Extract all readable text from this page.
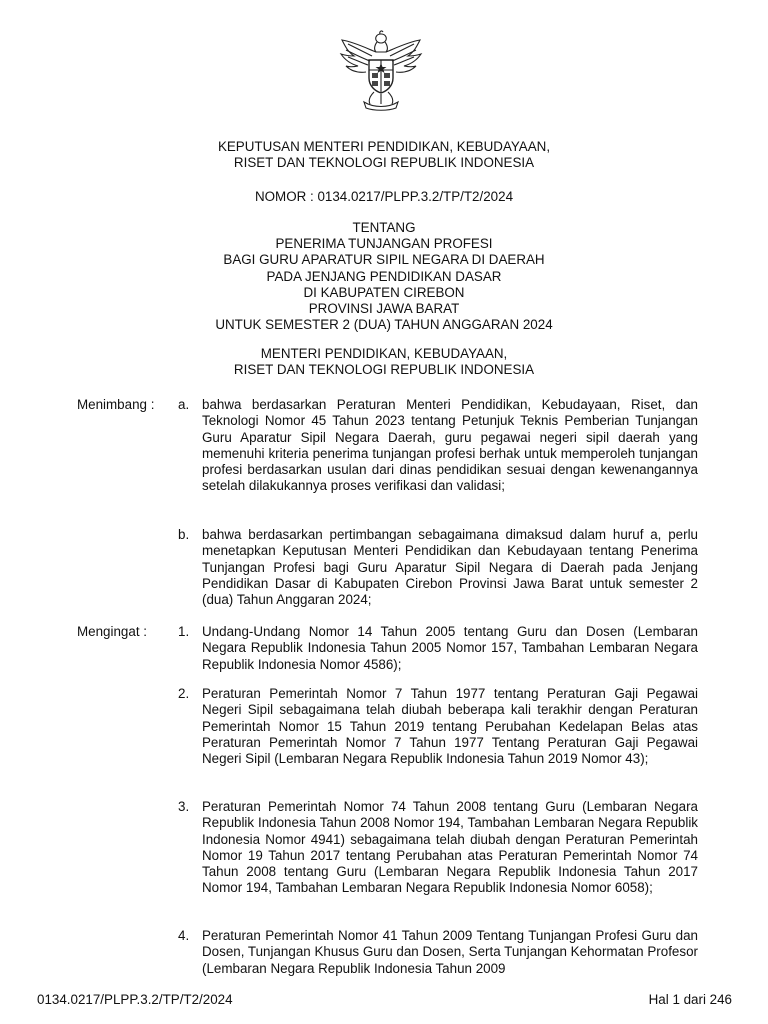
KEPUTUSAN MENTERI PENDIDIKAN, KEBUDAYAAN,
RISET DAN TEKNOLOGI REPUBLIK INDONESIA
NOMOR : 0134.0217/PLPP.3.2/TP/T2/2024
TENTANG
PENERIMA TUNJANGAN PROFESI
BAGI GURU APARATUR SIPIL NEGARA DI DAERAH
PADA JENJANG PENDIDIKAN DASAR
DI KABUPATEN CIREBON
PROVINSI JAWA BARAT
UNTUK SEMESTER 2 (DUA) TAHUN ANGGARAN 2024
MENTERI PENDIDIKAN, KEBUDAYAAN,
RISET DAN TEKNOLOGI REPUBLIK INDONESIA
Menimbang : a. bahwa berdasarkan Peraturan Menteri Pendidikan, Kebudayaan, Riset, dan Teknologi Nomor 45 Tahun 2023 tentang Petunjuk Teknis Pemberian Tunjangan Guru Aparatur Sipil Negara Daerah, guru pegawai negeri sipil daerah yang memenuhi kriteria penerima tunjangan profesi berhak untuk memperoleh tunjangan profesi berdasarkan usulan dari dinas pendidikan sesuai dengan kewenangannya setelah dilakukannya proses verifikasi dan validasi;
b. bahwa berdasarkan pertimbangan sebagaimana dimaksud dalam huruf a, perlu menetapkan Keputusan Menteri Pendidikan dan Kebudayaan tentang Penerima Tunjangan Profesi bagi Guru Aparatur Sipil Negara di Daerah pada Jenjang Pendidikan Dasar di Kabupaten Cirebon Provinsi Jawa Barat untuk semester 2 (dua) Tahun Anggaran 2024;
Mengingat : 1. Undang-Undang Nomor 14 Tahun 2005 tentang Guru dan Dosen (Lembaran Negara Republik Indonesia Tahun 2005 Nomor 157, Tambahan Lembaran Negara Republik Indonesia Nomor 4586);
2. Peraturan Pemerintah Nomor 7 Tahun 1977 tentang Peraturan Gaji Pegawai Negeri Sipil sebagaimana telah diubah beberapa kali terakhir dengan Peraturan Pemerintah Nomor 15 Tahun 2019 tentang Perubahan Kedelapan Belas atas Peraturan Pemerintah Nomor 7 Tahun 1977 Tentang Peraturan Gaji Pegawai Negeri Sipil (Lembaran Negara Republik Indonesia Tahun 2019 Nomor 43);
3. Peraturan Pemerintah Nomor 74 Tahun 2008 tentang Guru (Lembaran Negara Republik Indonesia Tahun 2008 Nomor 194, Tambahan Lembaran Negara Republik Indonesia Nomor 4941) sebagaimana telah diubah dengan Peraturan Pemerintah Nomor 19 Tahun 2017 tentang Perubahan atas Peraturan Pemerintah Nomor 74 Tahun 2008 tentang Guru (Lembaran Negara Republik Indonesia Tahun 2017 Nomor 194, Tambahan Lembaran Negara Republik Indonesia Nomor 6058);
4. Peraturan Pemerintah Nomor 41 Tahun 2009 Tentang Tunjangan Profesi Guru dan Dosen, Tunjangan Khusus Guru dan Dosen, Serta Tunjangan Kehormatan Profesor (Lembaran Negara Republik Indonesia Tahun 2009
0134.0217/PLPP.3.2/TP/T2/2024	Hal 1 dari 246
